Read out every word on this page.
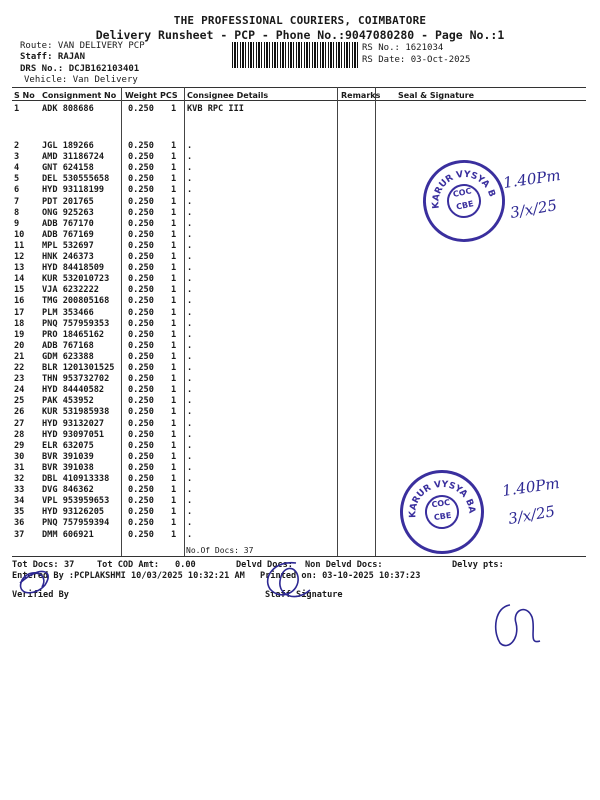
THE PROFESSIONAL COURIERS, COIMBATORE
Delivery Runsheet - PCP - Phone No.:9047080280 - Page No.:1
Route: VAN DELIVERY PCP
Staff: RAJAN
DRS No.: DCJB162103401
Vehicle: Van Delivery
RS No.: 1621034
RS Date: 03-Oct-2025
S No Consignment No Weight PCS Consignee Details	Remarks Seal & Signature
1	ADK 808686	0.250 1 KVB RPC III
2	JGL 189266	0.250 1 .
3	AMD 31186724	0.250 1 .
4	GNT 624158	0.250 1 .
5	DEL 530555658 0.250 1 .
6	HYD 93118199	0.250 1 .
7	PDT 201765	0.250 1 .
8	ONG 925263	0.250 1 .
9	ADB 767170	0.250 1 .
10 ADB 767169	0.250 1 .
11 MPL 532697	0.250 1 .
12 HNK 246373	0.250 1 .
13 HYD 84418509	0.250 1 .
14 KUR 532010723 0.250 1 .
15 VJA 6232222	0.250 1 .
16 TMG 200805168 0.250 1 .
17 PLM 353466	0.250 1 .
18 PNQ 757959353 0.250 1 .
19 PRO 18465162	0.250 1 .
20 ADB 767168	0.250 1 .
21 GDM 623388	0.250 1 .
22 BLR 1201301525 0.250 1 .
23 THN 953732702 0.250 1 .
24 HYD 84440582	0.250 1 .
25 PAK 453952	0.250 1 .
26 KUR 531985938 0.250 1 .
27 HYD 93132027	0.250 1 .
28 HYD 93097051	0.250 1 .
29 ELR 632075	0.250 1 .
30 BVR 391039	0.250 1 .
31 BVR 391038	0.250 1 .
32 DBL 410913338 0.250 1 .
33 DVG 846362	0.250 1 .
34 VPL 953959653 0.250 1 .
35 HYD 93126205	0.250 1 .
36 PNQ 757959394 0.250 1 .
37 DMM 606921	0.250 1 .
No.Of Docs: 37
Tot Docs: 37	Tot COD Amt: 0.00	Delvd Docs: Non Delvd Docs:	Delvy pts:
Entered By :PCPLAKSHMI 10/03/2025 10:32:21 AM Printed on: 03-10-2025 10:37:23
Verified By	Staff Signature
KARUR VYSYA BANK
COC
CBE
1.40Pm
3/x/25
KARUR VYSYA BANK
COC
CBE
1.40Pm
3/x/25
